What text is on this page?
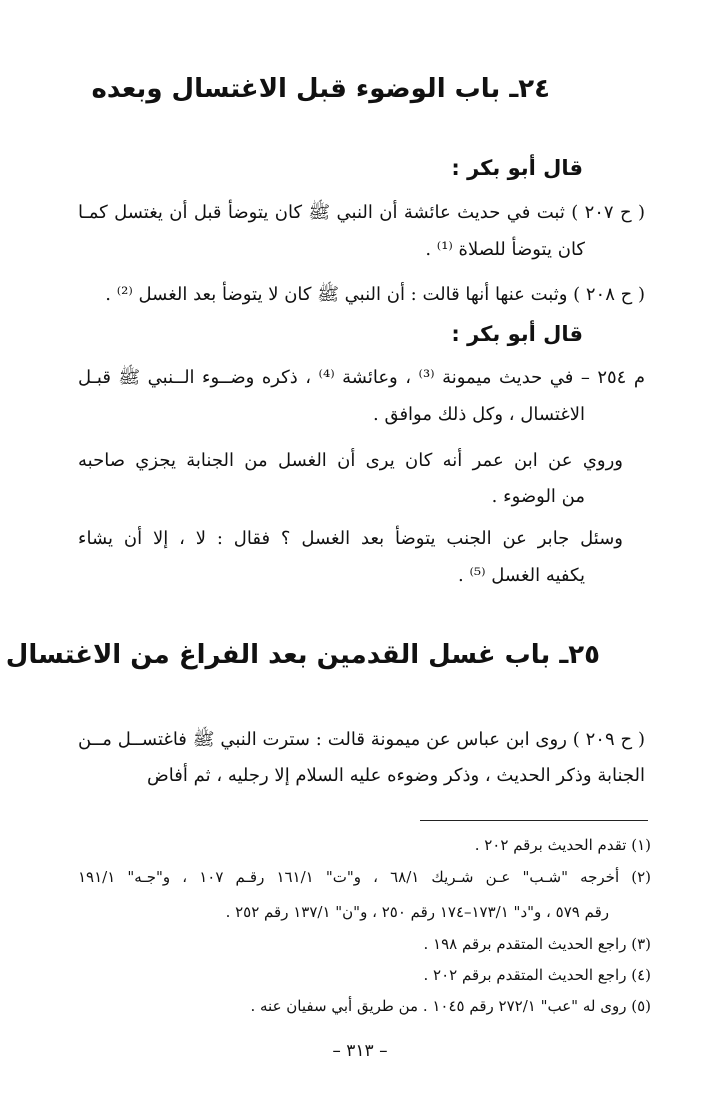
٢٤ـ باب الوضوء قبل الاغتسال وبعده
قال أبو بكر :
( ح ٢٠٧ ) ثبت في حديث عائشة أن النبي ﷺ كان يتوضأ قبل أن يغتسل كمـا
كان يتوضأ للصلاة ⁽¹⁾ .
( ح ٢٠٨ ) وثبت عنها أنها قالت : أن النبي ﷺ كان لا يتوضأ بعد الغسل ⁽²⁾ .
قال أبو بكر :
م ٢٥٤ – في حديث ميمونة ⁽³⁾ ، وعائشة ⁽⁴⁾ ، ذكره وضــوء الــنبي ﷺ قبـل
الاغتسال ، وكل ذلك موافق .
وروي عن ابن عمر أنه كان يرى أن الغسل من الجنابة يجزي صاحبه
من الوضوء .
وسئل جابر عن الجنب يتوضأ بعد الغسل ؟ فقال : لا ، إلا أن يشاء
يكفيه الغسل ⁽⁵⁾ .
٢٥ـ باب غسل القدمين بعد الفراغ من الاغتسال
( ح ٢٠٩ ) روى ابن عباس عن ميمونة قالت : سترت النبي ﷺ فاغتســل مــن
الجنابة وذكر الحديث ، وذكر وضوءه عليه السلام إلا رجليه ، ثم أفاض
(١) تقدم الحديث برقم ٢٠٢ .
(٢) أخرجه "شـب" عـن شـريك ٦٨/١ ، و"ت" ١٦١/١ رقـم ١٠٧ ، و"جـه" ١٩١/١
رقم ٥٧٩ ، و"د" ١٧٣/١–١٧٤ رقم ٢٥٠ ، و"ن" ١٣٧/١ رقم ٢٥٢ .
(٣) راجع الحديث المتقدم برقم ١٩٨ .
(٤) راجع الحديث المتقدم برقم ٢٠٢ .
(٥) روى له "عب" ٢٧٢/١ رقم ١٠٤٥ . من طريق أبي سفيان عنه .
– ٣١٣ –
